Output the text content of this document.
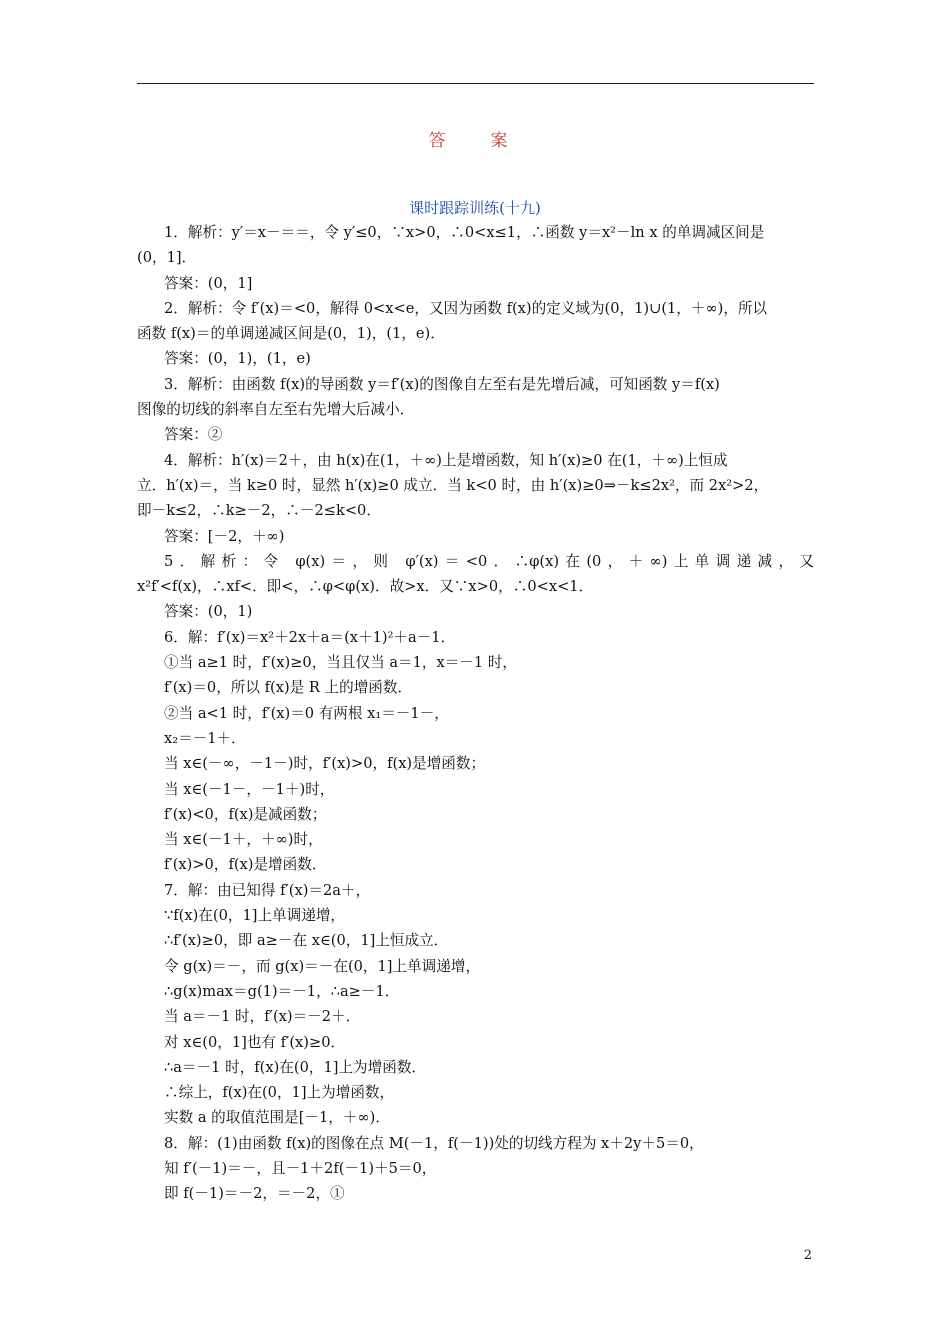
答　案
课时跟踪训练(十九)
1．解析：y′＝x－＝＝，令 y′≤0，∵x>0，∴0<x≤1，∴函数 y＝x²－ln x 的单调减区间是
(0，1]．
答案：(0，1]
2．解析：令 f′(x)＝<0，解得 0<x<e，又因为函数 f(x)的定义域为(0，1)∪(1，＋∞)，所以
函数 f(x)＝的单调递减区间是(0，1)，(1，e)．
答案：(0，1)，(1，e)
3．解析：由函数 f(x)的导函数 y＝f′(x)的图像自左至右是先增后减，可知函数 y＝f(x)
图像的切线的斜率自左至右先增大后减小．
答案：②
4．解析：h′(x)＝2＋，由 h(x)在(1，＋∞)上是增函数，知 h′(x)≥0 在(1，＋∞)上恒成
立．h′(x)＝，当 k≥0 时，显然 h′(x)≥0 成立．当 k<0 时，由 h′(x)≥0⇒－k≤2x²，而 2x²>2，
即－k≤2，∴k≥－2，∴－2≤k<0．
答案：[－2，＋∞)
5．解析：令 φ(x)＝，则 φ′(x)＝<0．∴φ(x)在(0，＋∞)上单调递减，又
x²f′<f(x)，∴xf<．即<，∴φ<φ(x)．故>x．又∵x>0，∴0<x<1．
答案：(0，1)
6．解：f′(x)＝x²＋2x＋a＝(x＋1)²＋a－1．
①当 a≥1 时，f′(x)≥0，当且仅当 a＝1，x＝－1 时，
f′(x)＝0，所以 f(x)是 R 上的增函数．
②当 a<1 时，f′(x)＝0 有两根 x₁＝－1－，
x₂＝－1＋．
当 x∈(－∞，－1－)时，f′(x)>0，f(x)是增函数；
当 x∈(－1－，－1＋)时，
f′(x)<0，f(x)是减函数；
当 x∈(－1＋，＋∞)时，
f′(x)>0，f(x)是增函数．
7．解：由已知得 f′(x)＝2a＋，
∵f(x)在(0，1]上单调递增，
∴f′(x)≥0，即 a≥－在 x∈(0，1]上恒成立．
令 g(x)＝－，而 g(x)＝－在(0，1]上单调递增，
∴g(x)max＝g(1)＝－1，∴a≥－1．
当 a＝－1 时，f′(x)＝－2＋．
对 x∈(0，1]也有 f′(x)≥0．
∴a＝－1 时，f(x)在(0，1]上为增函数．
∴综上，f(x)在(0，1]上为增函数，
实数 a 的取值范围是[－1，＋∞)．
8．解：(1)由函数 f(x)的图像在点 M(－1，f(－1))处的切线方程为 x＋2y＋5＝0，
知 f′(－1)＝－，且－1＋2f(－1)＋5＝0，
即 f(－1)＝－2，＝－2，①
2
